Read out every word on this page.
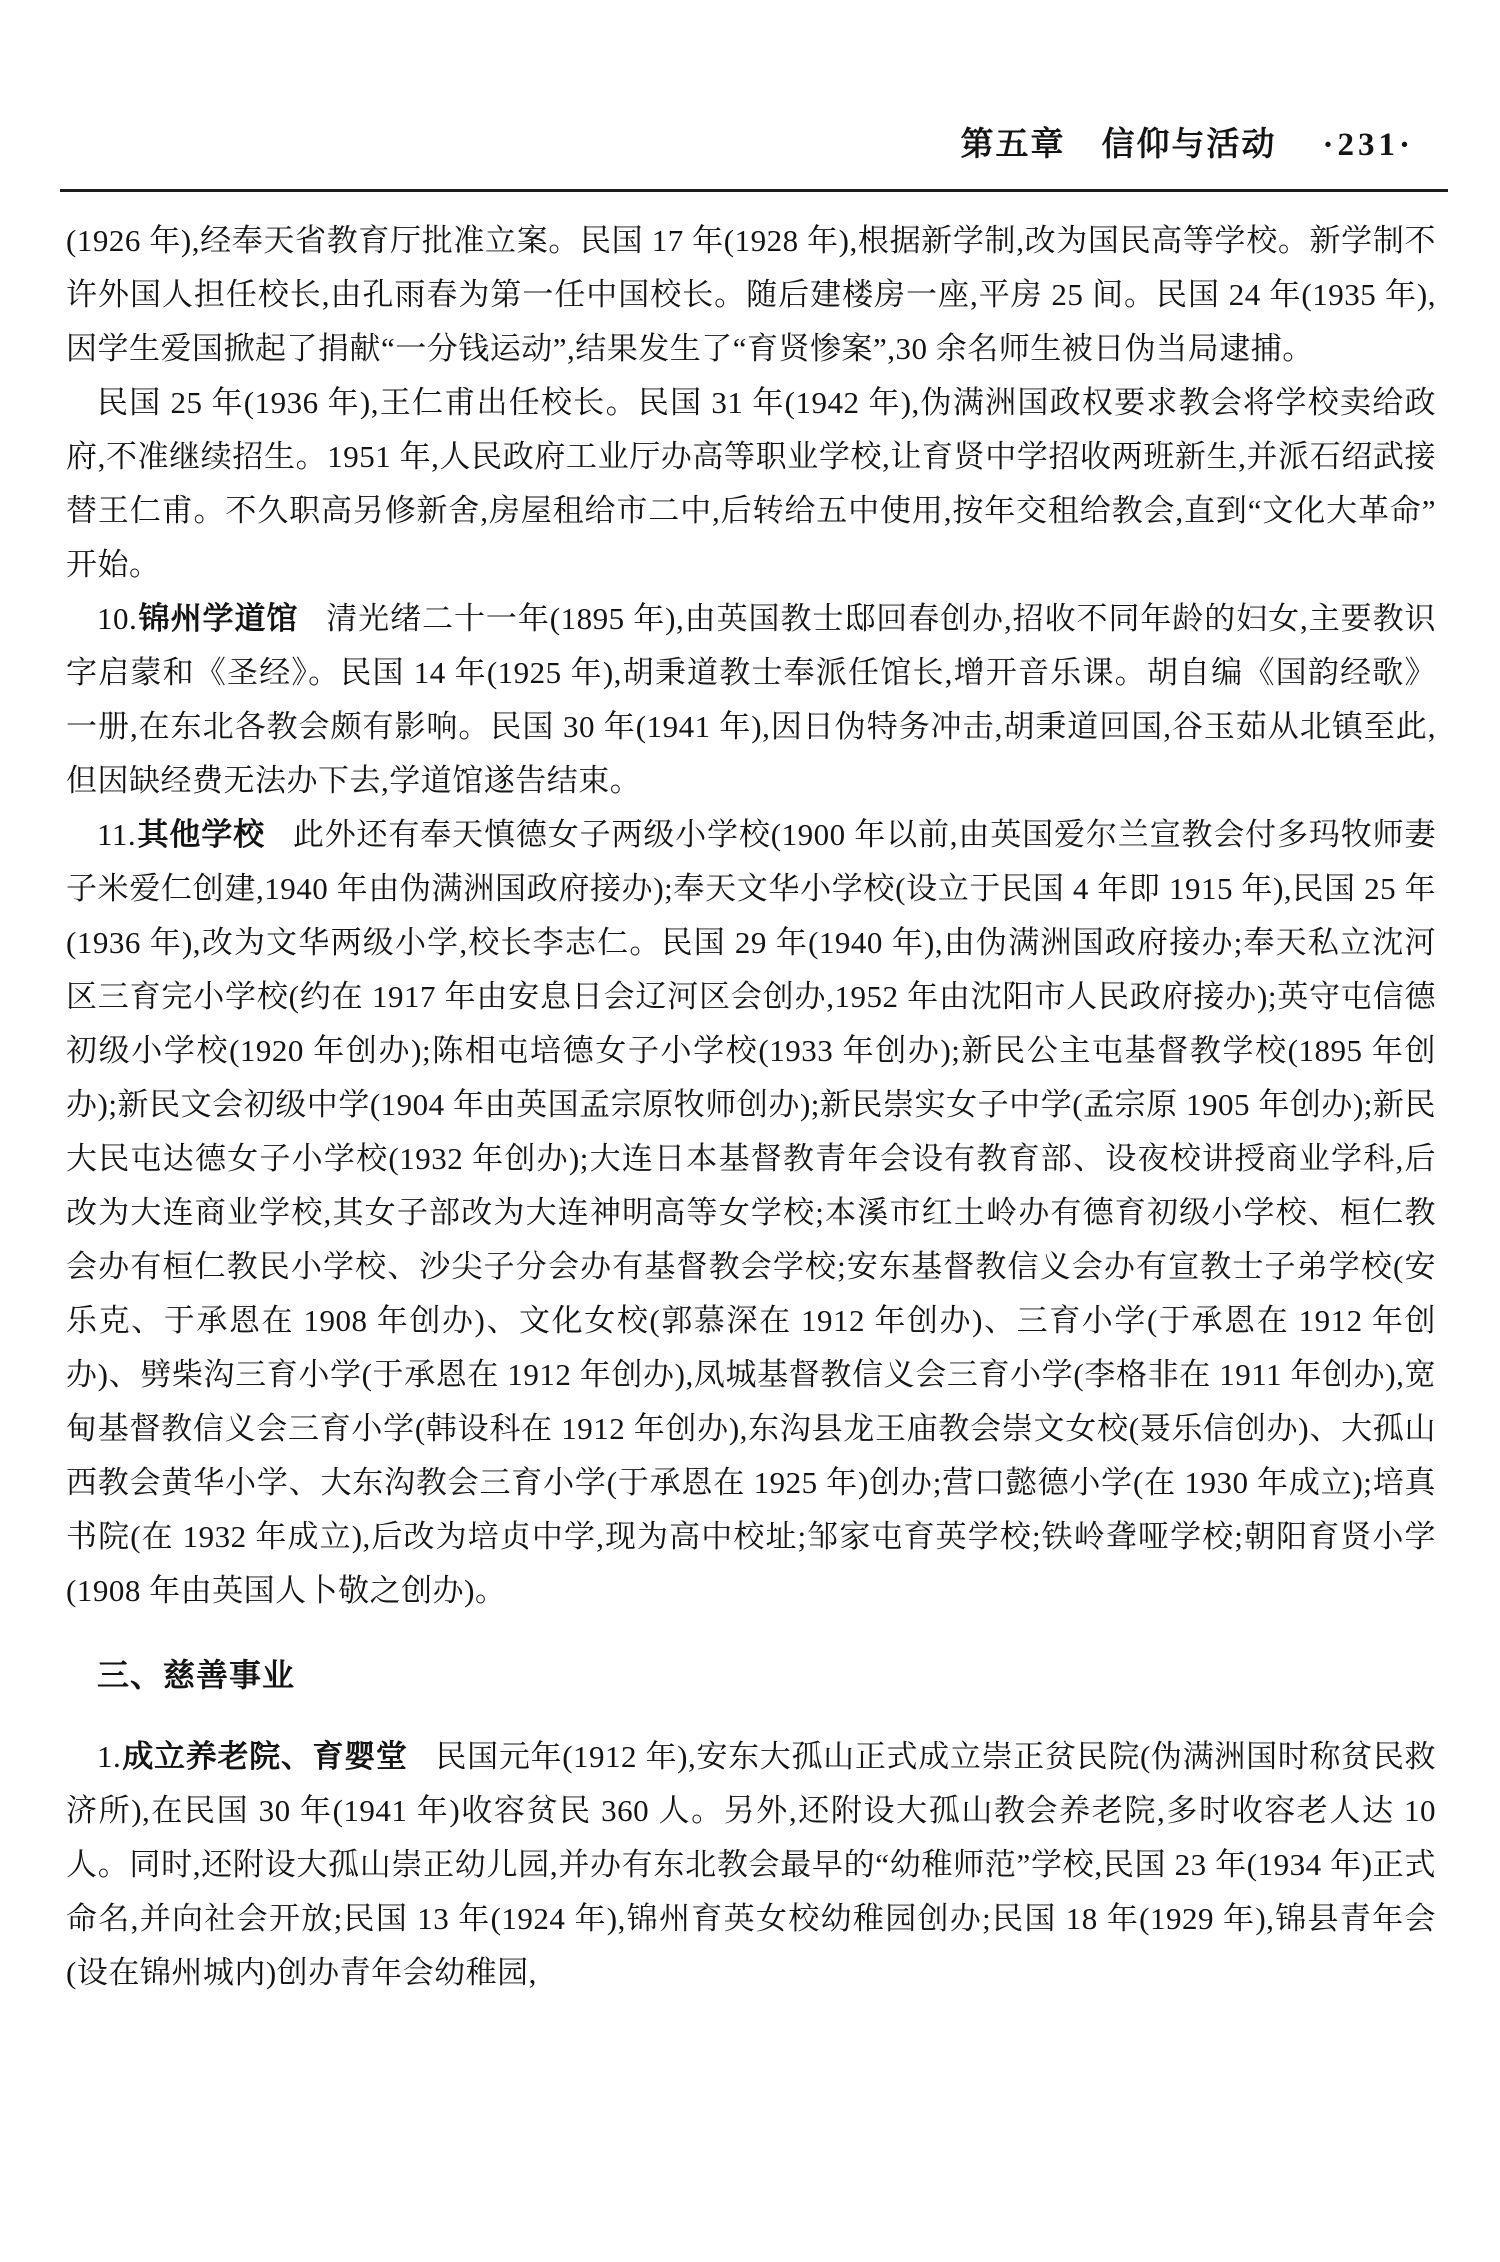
第五章 信仰与活动 ·231·

(1926 年),经奉天省教育厅批准立案。民国 17 年(1928 年),根据新学制,改为国民高等学校。新学制不许外国人担任校长,由孔雨春为第一任中国校长。随后建楼房一座,平房 25 间。民国 24 年(1935 年),因学生爱国掀起了捐献“一分钱运动”,结果发生了“育贤惨案”,30 余名师生被日伪当局逮捕。

民国 25 年(1936 年),王仁甫出任校长。民国 31 年(1942 年),伪满洲国政权要求教会将学校卖给政府,不准继续招生。1951 年,人民政府工业厅办高等职业学校,让育贤中学招收两班新生,并派石绍武接替王仁甫。不久职高另修新舍,房屋租给市二中,后转给五中使用,按年交租给教会,直到“文化大革命”开始。

10.锦州学道馆 清光绪二十一年(1895 年),由英国教士邸回春创办,招收不同年龄的妇女,主要教识字启蒙和《圣经》。民国 14 年(1925 年),胡秉道教士奉派任馆长,增开音乐课。胡自编《国韵经歌》一册,在东北各教会颇有影响。民国 30 年(1941 年),因日伪特务冲击,胡秉道回国,谷玉茹从北镇至此,但因缺经费无法办下去,学道馆遂告结束。

11.其他学校 此外还有奉天慎德女子两级小学校(1900 年以前,由英国爱尔兰宣教会付多玛牧师妻子米爱仁创建,1940 年由伪满洲国政府接办);奉天文华小学校(设立于民国 4 年即 1915 年),民国 25 年(1936 年),改为文华两级小学,校长李志仁。民国 29 年(1940 年),由伪满洲国政府接办;奉天私立沈河区三育完小学校(约在 1917 年由安息日会辽河区会创办,1952 年由沈阳市人民政府接办);英守屯信德初级小学校(1920 年创办);陈相屯培德女子小学校(1933 年创办);新民公主屯基督教学校(1895 年创办);新民文会初级中学(1904 年由英国孟宗原牧师创办);新民崇实女子中学(孟宗原 1905 年创办);新民大民屯达德女子小学校(1932 年创办);大连日本基督教青年会设有教育部、设夜校讲授商业学科,后改为大连商业学校,其女子部改为大连神明高等女学校;本溪市红土岭办有德育初级小学校、桓仁教会办有桓仁教民小学校、沙尖子分会办有基督教会学校;安东基督教信义会办有宣教士子弟学校(安乐克、于承恩在 1908 年创办)、文化女校(郭慕深在 1912 年创办)、三育小学(于承恩在 1912 年创办)、劈柴沟三育小学(于承恩在 1912 年创办),凤城基督教信义会三育小学(李格非在 1911 年创办),宽甸基督教信义会三育小学(韩设科在 1912 年创办),东沟县龙王庙教会崇文女校(聂乐信创办)、大孤山西教会黄华小学、大东沟教会三育小学(于承恩在 1925 年)创办;营口懿德小学(在 1930 年成立);培真书院(在 1932 年成立),后改为培贞中学,现为高中校址;邹家屯育英学校;铁岭聋哑学校;朝阳育贤小学(1908 年由英国人卜敬之创办)。

三、慈善事业

1.成立养老院、育婴堂 民国元年(1912 年),安东大孤山正式成立崇正贫民院(伪满洲国时称贫民救济所),在民国 30 年(1941 年)收容贫民 360 人。另外,还附设大孤山教会养老院,多时收容老人达 10 人。同时,还附设大孤山崇正幼儿园,并办有东北教会最早的“幼稚师范”学校,民国 23 年(1934 年)正式命名,并向社会开放;民国 13 年(1924 年),锦州育英女校幼稚园创办;民国 18 年(1929 年),锦县青年会(设在锦州城内)创办青年会幼稚园,
